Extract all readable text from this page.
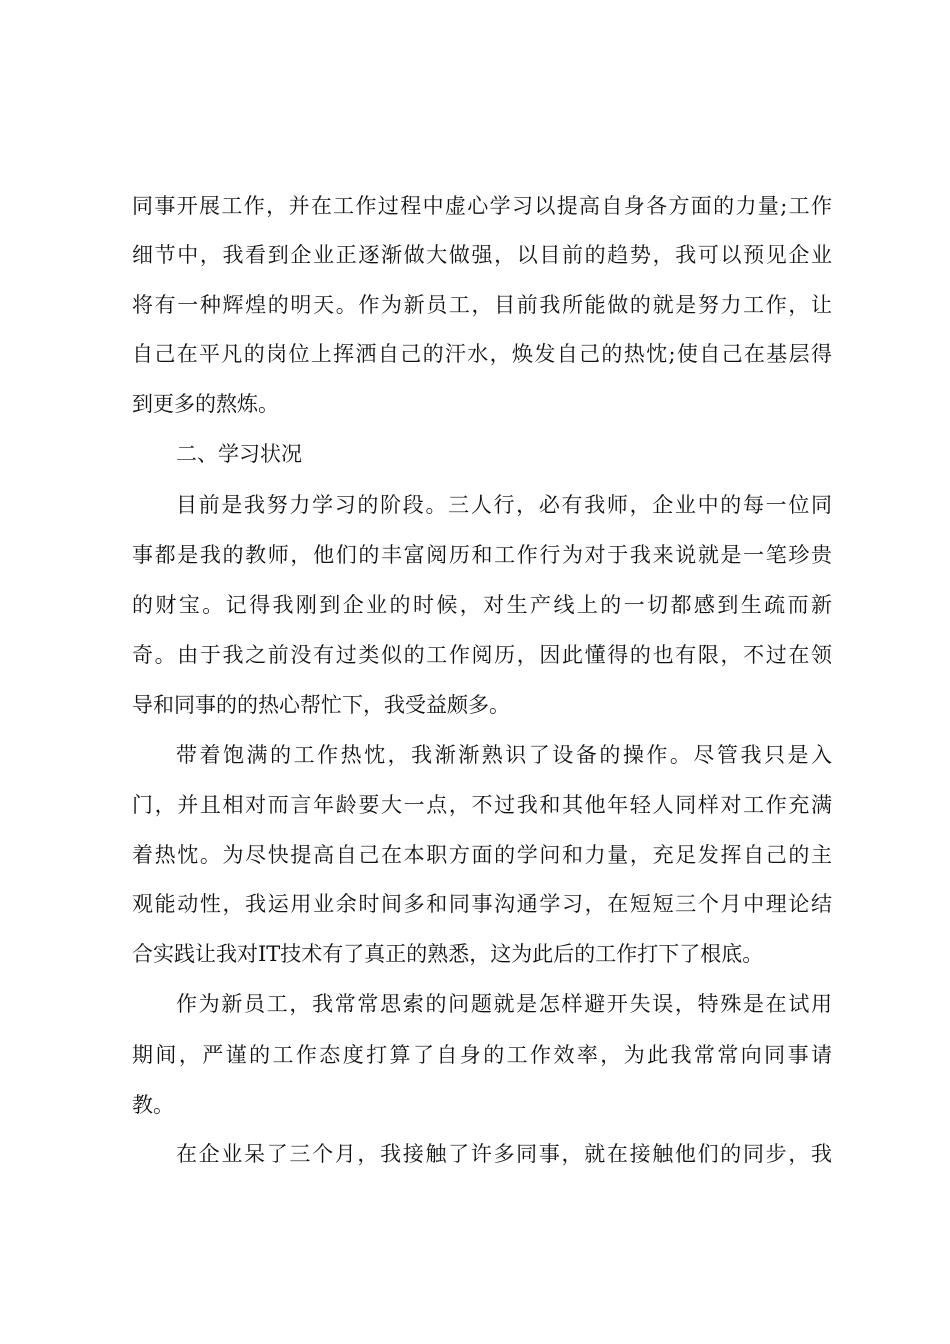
同事开展工作，并在工作过程中虚心学习以提高自身各方面的力量;工作
细节中，我看到企业正逐渐做大做强，以目前的趋势，我可以预见企业
将有一种辉煌的明天。作为新员工，目前我所能做的就是努力工作，让
自己在平凡的岗位上挥洒自己的汗水，焕发自己的热忱;使自己在基层得
到更多的熬炼。
二、学习状况
目前是我努力学习的阶段。三人行，必有我师，企业中的每一位同
事都是我的教师，他们的丰富阅历和工作行为对于我来说就是一笔珍贵
的财宝。记得我刚到企业的时候，对生产线上的一切都感到生疏而新
奇。由于我之前没有过类似的工作阅历，因此懂得的也有限，不过在领
导和同事的的热心帮忙下，我受益颇多。
带着饱满的工作热忱，我渐渐熟识了设备的操作。尽管我只是入
门，并且相对而言年龄要大一点，不过我和其他年轻人同样对工作充满
着热忱。为尽快提高自己在本职方面的学问和力量，充足发挥自己的主
观能动性，我运用业余时间多和同事沟通学习，在短短三个月中理论结
合实践让我对IT技术有了真正的熟悉，这为此后的工作打下了根底。
作为新员工，我常常思索的问题就是怎样避开失误，特殊是在试用
期间，严谨的工作态度打算了自身的工作效率，为此我常常向同事请
教。
在企业呆了三个月，我接触了许多同事，就在接触他们的同步，我
